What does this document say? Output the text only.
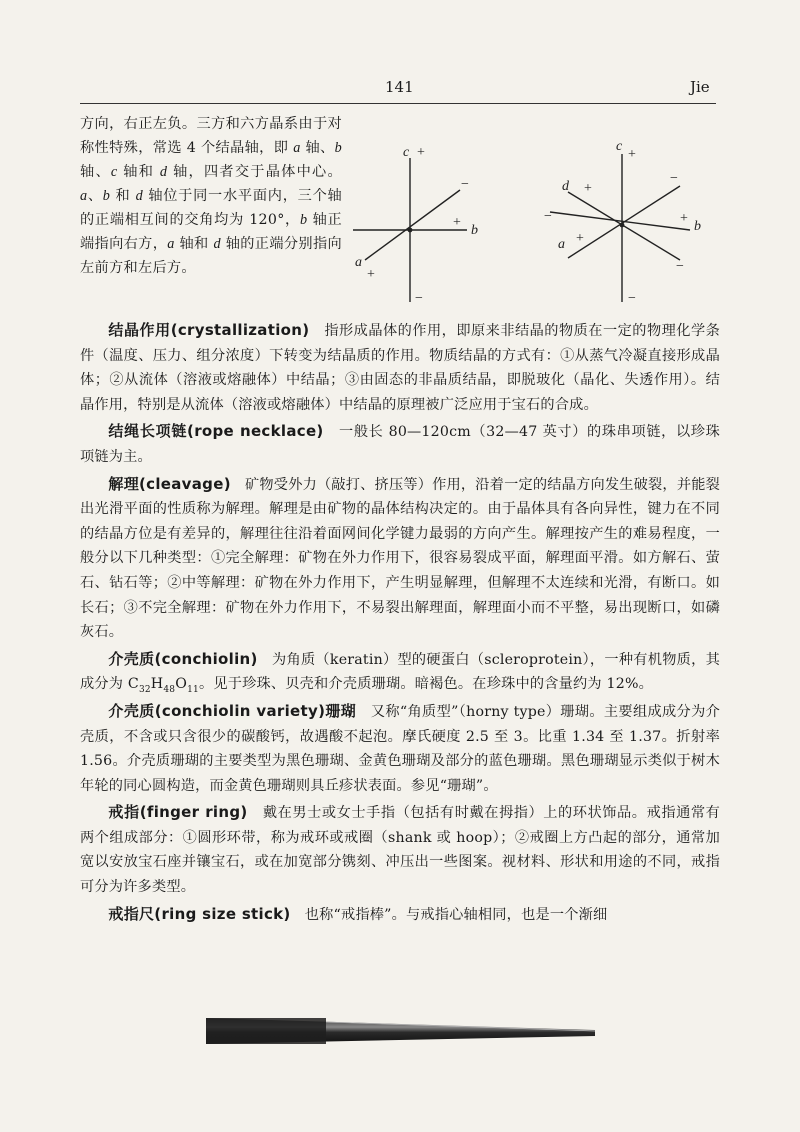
141	Jie
方向，右正左负。三方和六方晶系由于对称性特殊，常选 4 个结晶轴，即 a 轴、b 轴、c 轴和 d 轴，四者交于晶体中心。a、b 和 d 轴位于同一水平面内，三个轴的正端相互间的交角均为 120°，b 轴正端指向右方，a 轴和 d 轴的正端分别指向左前方和左后方。
c +
b
+
a
+
−
−
c
+
d +
b
+
a +
−
−
−
−

结晶作用(crystallization) 指形成晶体的作用，即原来非结晶的物质在一定的物理化学条件（温度、压力、组分浓度）下转变为结晶质的作用。物质结晶的方式有：①从蒸气冷凝直接形成晶体；②从流体（溶液或熔融体）中结晶；③由固态的非晶质结晶，即脱玻化（晶化、失透作用）。结晶作用，特别是从流体（溶液或熔融体）中结晶的原理被广泛应用于宝石的合成。

结绳长项链(rope necklace) 一般长 80—120cm（32—47 英寸）的珠串项链，以珍珠项链为主。

解理(cleavage) 矿物受外力（敲打、挤压等）作用，沿着一定的结晶方向发生破裂，并能裂出光滑平面的性质称为解理。解理是由矿物的晶体结构决定的。由于晶体具有各向异性，键力在不同的结晶方位是有差异的，解理往往沿着面网间化学键力最弱的方向产生。解理按产生的难易程度，一般分以下几种类型：①完全解理：矿物在外力作用下，很容易裂成平面，解理面平滑。如方解石、萤石、钻石等；②中等解理：矿物在外力作用下，产生明显解理，但解理不太连续和光滑，有断口。如长石；③不完全解理：矿物在外力作用下，不易裂出解理面，解理面小而不平整，易出现断口，如磷灰石。

介壳质(conchiolin) 为角质（keratin）型的硬蛋白（scleroprotein），一种有机物质，其成分为 $C_{32}H_{48}O_{11}$。见于珍珠、贝壳和介壳质珊瑚。暗褐色。在珍珠中的含量约为 12%。

介壳质(conchiolin variety)珊瑚 又称“角质型”（horny type）珊瑚。主要组成成分为介壳质，不含或只含很少的碳酸钙，故遇酸不起泡。摩氏硬度 2.5 至 3。比重 1.34 至 1.37。折射率 1.56。介壳质珊瑚的主要类型为黑色珊瑚、金黄色珊瑚及部分的蓝色珊瑚。黑色珊瑚显示类似于树木年轮的同心圆构造，而金黄色珊瑚则具丘疹状表面。参见“珊瑚”。

戒指(finger ring) 戴在男士或女士手指（包括有时戴在拇指）上的环状饰品。戒指通常有两个组成部分：①圆形环带，称为戒环或戒圈（shank 或 hoop）；②戒圈上方凸起的部分，通常加宽以安放宝石座并镶宝石，或在加宽部分镌刻、冲压出一些图案。视材料、形状和用途的不同，戒指可分为许多类型。

戒指尺(ring size stick) 也称“戒指棒”。与戒指心轴相同，也是一个渐细
